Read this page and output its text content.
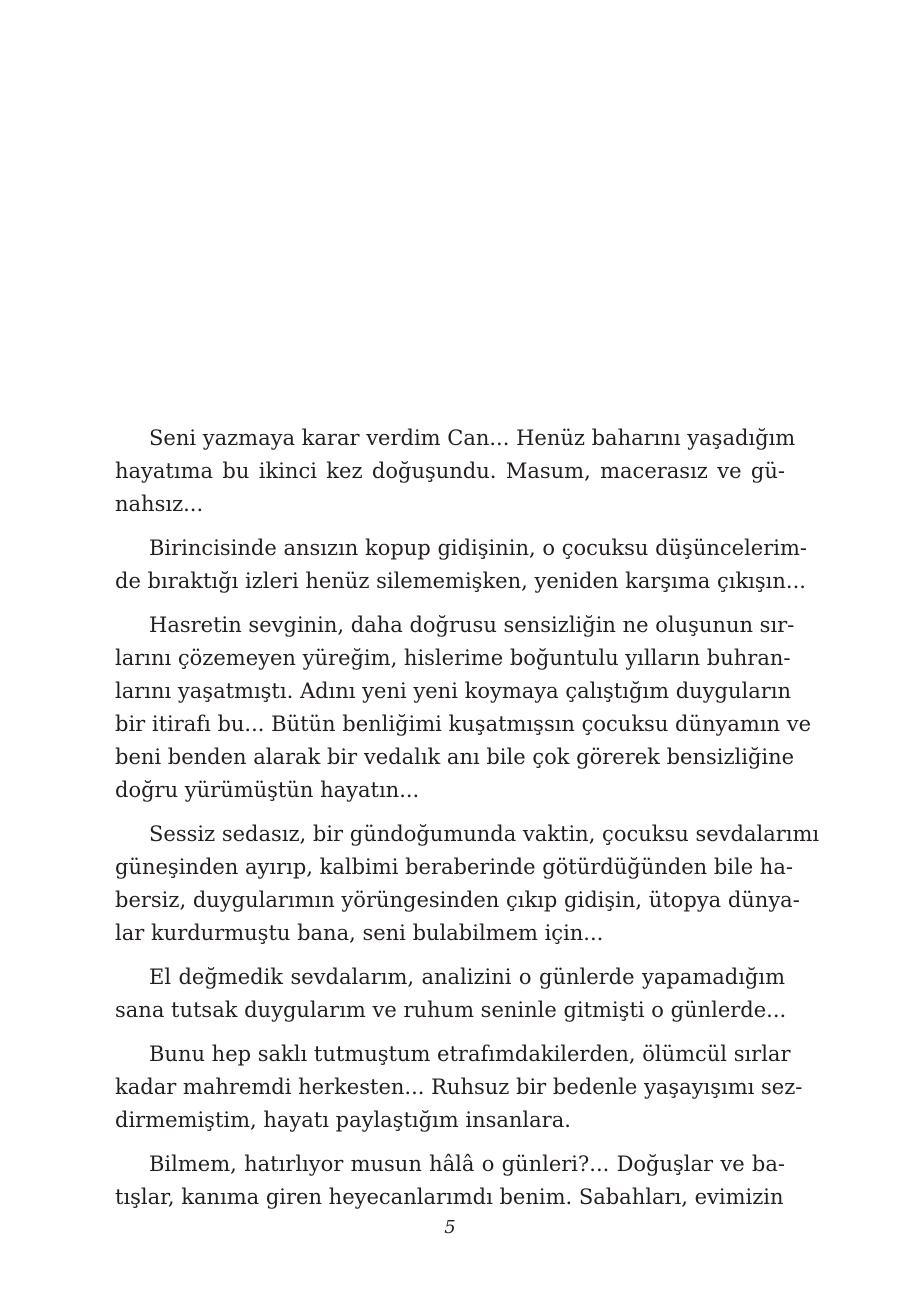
Seni yazmaya karar verdim Can... Henüz baharını yaşadığım
hayatıma bu ikinci kez doğuşundu. Masum, macerasız ve gü-
nahsız...
Birincisinde ansızın kopup gidişinin, o çocuksu düşüncelerim-
de bıraktığı izleri henüz silememişken, yeniden karşıma çıkışın...
Hasretin sevginin, daha doğrusu sensizliğin ne oluşunun sır-
larını çözemeyen yüreğim, hislerime boğuntulu yılların buhran-
larını yaşatmıştı. Adını yeni yeni koymaya çalıştığım duyguların
bir itirafı bu... Bütün benliğimi kuşatmışsın çocuksu dünyamın ve
beni benden alarak bir vedalık anı bile çok görerek bensizliğine
doğru yürümüştün hayatın...
Sessiz sedasız, bir gündoğumunda vaktin, çocuksu sevdalarımı
güneşinden ayırıp, kalbimi beraberinde götürdüğünden bile ha-
bersiz, duygularımın yörüngesinden çıkıp gidişin, ütopya dünya-
lar kurdurmuştu bana, seni bulabilmem için...
El değmedik sevdalarım, analizini o günlerde yapamadığım
sana tutsak duygularım ve ruhum seninle gitmişti o günlerde...
Bunu hep saklı tutmuştum etrafımdakilerden, ölümcül sırlar
kadar mahremdi herkesten... Ruhsuz bir bedenle yaşayışımı sez-
dirmemiştim, hayatı paylaştığım insanlara.
Bilmem, hatırlıyor musun hâlâ o günleri?... Doğuşlar ve ba-
tışlar, kanıma giren heyecanlarımdı benim. Sabahları, evimizin
5
